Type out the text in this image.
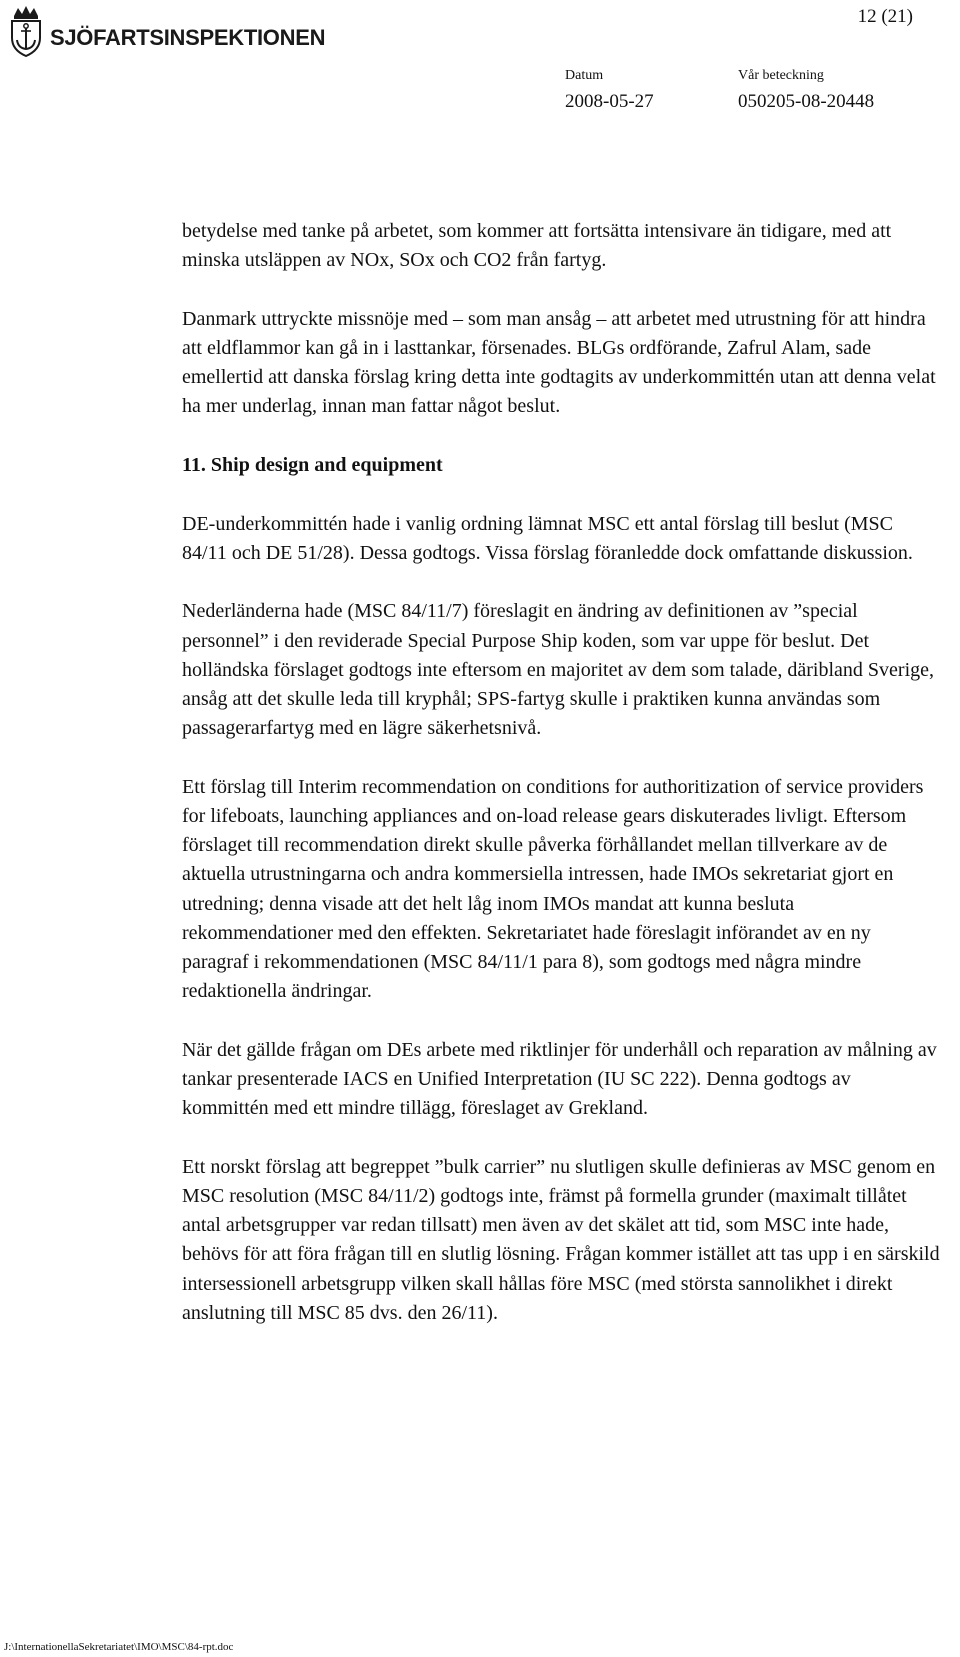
SJÖFARTSINSPEKTIONEN
12 (21)
Datum	Vår beteckning
2008-05-27	050205-08-20448

betydelse med tanke på arbetet, som kommer att fortsätta intensivare än tidigare, med att minska utsläppen av NOx, SOx och CO2 från fartyg.

Danmark uttryckte missnöje med – som man ansåg – att arbetet med utrustning för att hindra att eldflammor kan gå in i lasttankar, försenades. BLGs ordförande, Zafrul Alam, sade emellertid att danska förslag kring detta inte godtagits av underkommittén utan att denna velat ha mer underlag, innan man fattar något beslut.

11. Ship design and equipment

DE-underkommittén hade i vanlig ordning lämnat MSC ett antal förslag till beslut (MSC 84/11 och DE 51/28). Dessa godtogs. Vissa förslag föranledde dock omfattande diskussion.

Nederländerna hade (MSC 84/11/7) föreslagit en ändring av definitionen av ”special personnel” i den reviderade Special Purpose Ship koden, som var uppe för beslut. Det holländska förslaget godtogs inte eftersom en majoritet av dem som talade, däribland Sverige, ansåg att det skulle leda till kryphål; SPS-fartyg skulle i praktiken kunna användas som passagerarfartyg med en lägre säkerhetsnivå.

Ett förslag till Interim recommendation on conditions for authoritization of service providers for lifeboats, launching appliances and on-load release gears diskuterades livligt. Eftersom förslaget till recommendation direkt skulle påverka förhållandet mellan tillverkare av de aktuella utrustningarna och andra kommersiella intressen, hade IMOs sekretariat gjort en utredning; denna visade att det helt låg inom IMOs mandat att kunna besluta rekommendationer med den effekten. Sekretariatet hade föreslagit införandet av en ny paragraf i rekommendationen (MSC 84/11/1 para 8), som godtogs med några mindre redaktionella ändringar.

När det gällde frågan om DEs arbete med riktlinjer för underhåll och reparation av målning av tankar presenterade IACS en Unified Interpretation (IU SC 222). Denna godtogs av kommittén med ett mindre tillägg, föreslaget av Grekland.

Ett norskt förslag att begreppet ”bulk carrier” nu slutligen skulle definieras av MSC genom en MSC resolution (MSC 84/11/2) godtogs inte, främst på formella grunder (maximalt tillåtet antal arbetsgrupper var redan tillsatt) men även av det skälet att tid, som MSC inte hade, behövs för att föra frågan till en slutlig lösning. Frågan kommer istället att tas upp i en särskild intersessionell arbetsgrupp vilken skall hållas före MSC (med största sannolikhet i direkt anslutning till MSC 85 dvs. den 26/11).

J:\InternationellaSekretariatet\IMO\MSC\84-rpt.doc
